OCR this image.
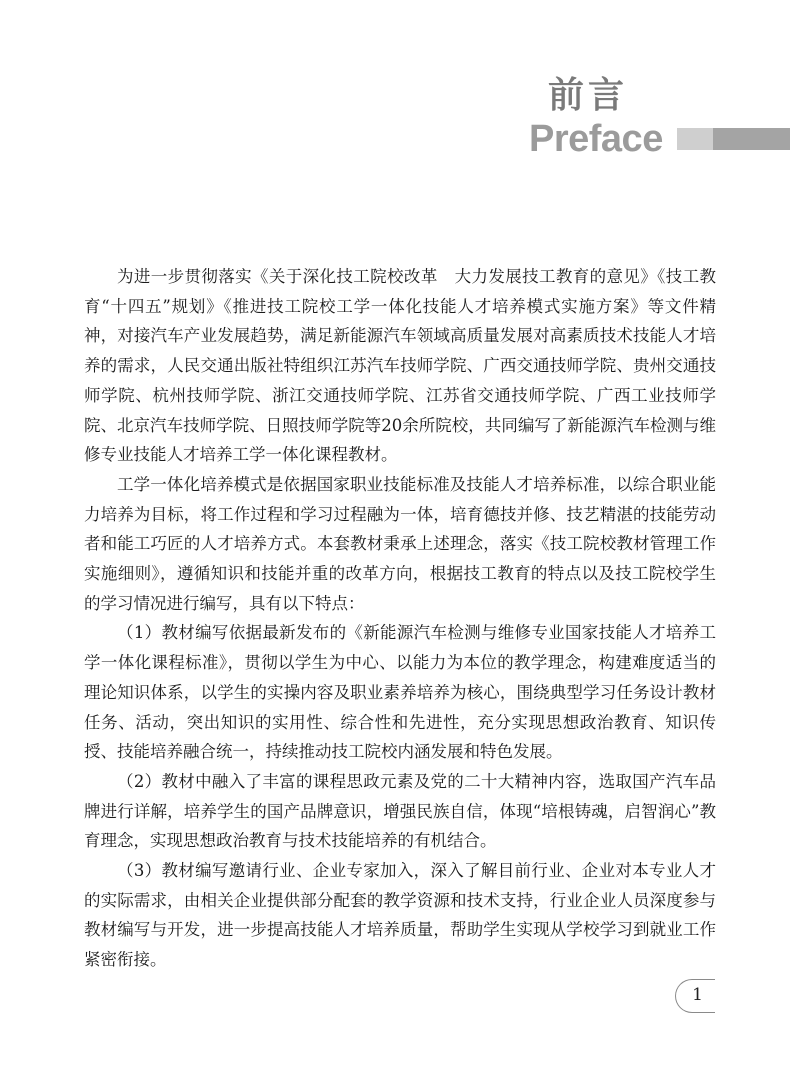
前言
Preface

为进一步贯彻落实《关于深化技工院校改革　大力发展技工教育的意见》《技工教育“十四五”规划》《推进技工院校工学一体化技能人才培养模式实施方案》等文件精神，对接汽车产业发展趋势，满足新能源汽车领域高质量发展对高素质技术技能人才培养的需求，人民交通出版社特组织江苏汽车技师学院、广西交通技师学院、贵州交通技师学院、杭州技师学院、浙江交通技师学院、江苏省交通技师学院、广西工业技师学院、北京汽车技师学院、日照技师学院等20余所院校，共同编写了新能源汽车检测与维修专业技能人才培养工学一体化课程教材。

工学一体化培养模式是依据国家职业技能标准及技能人才培养标准，以综合职业能力培养为目标，将工作过程和学习过程融为一体，培育德技并修、技艺精湛的技能劳动者和能工巧匠的人才培养方式。本套教材秉承上述理念，落实《技工院校教材管理工作实施细则》，遵循知识和技能并重的改革方向，根据技工教育的特点以及技工院校学生的学习情况进行编写，具有以下特点：

（1）教材编写依据最新发布的《新能源汽车检测与维修专业国家技能人才培养工学一体化课程标准》，贯彻以学生为中心、以能力为本位的教学理念，构建难度适当的理论知识体系，以学生的实操内容及职业素养培养为核心，围绕典型学习任务设计教材任务、活动，突出知识的实用性、综合性和先进性，充分实现思想政治教育、知识传授、技能培养融合统一，持续推动技工院校内涵发展和特色发展。

（2）教材中融入了丰富的课程思政元素及党的二十大精神内容，选取国产汽车品牌进行详解，培养学生的国产品牌意识，增强民族自信，体现“培根铸魂，启智润心”教育理念，实现思想政治教育与技术技能培养的有机结合。

（3）教材编写邀请行业、企业专家加入，深入了解目前行业、企业对本专业人才的实际需求，由相关企业提供部分配套的教学资源和技术支持，行业企业人员深度参与教材编写与开发，进一步提高技能人才培养质量，帮助学生实现从学校学习到就业工作紧密衔接。

1
